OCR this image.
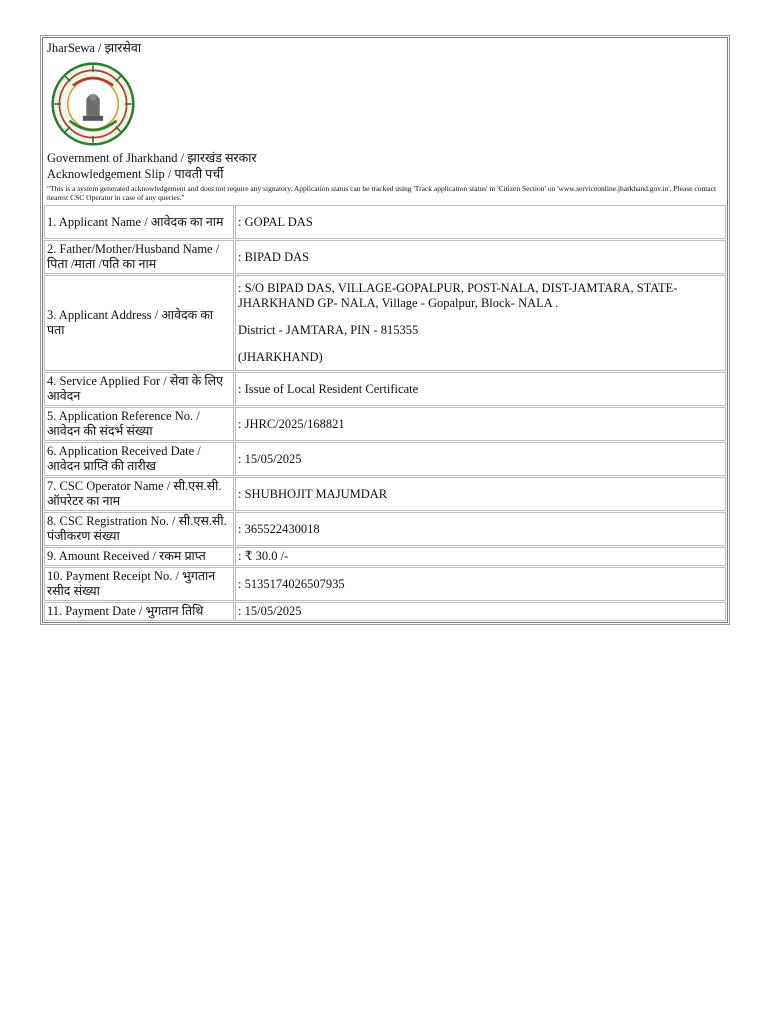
JharSewa / झारसेवा
Government of Jharkhand / झारखंड सरकार
Acknowledgement Slip / पावती पर्ची
"This is a system generated acknowledgement and does not require any signatory. Application status can be tracked using 'Track application status' in 'Citizen Section' on 'www.serviceonline.jharkhand.gov.in'. Please contact nearest CSC Operator in case of any queries."
1. Applicant Name / आवेदक का नाम	: GOPAL DAS
2. Father/Mother/Husband Name / पिता /माता /पति का नाम	: BIPAD DAS
3. Applicant Address / आवेदक का पता	: S/O BIPAD DAS, VILLAGE-GOPALPUR, POST-NALA, DIST-JAMTARA, STATE-JHARKHAND GP- NALA, Village - Gopalpur, Block- NALA .

District - JAMTARA, PIN - 815355

(JHARKHAND)

4. Service Applied For / सेवा के लिए आवेदन	: Issue of Local Resident Certificate
5. Application Reference No. / आवेदन की संदर्भ संख्या	: JHRC/2025/168821
6. Application Received Date / आवेदन प्राप्ति की तारीख	: 15/05/2025
7. CSC Operator Name / सी.एस.सी. ऑपरेटर का नाम	: SHUBHOJIT MAJUMDAR
8. CSC Registration No. / सी.एस.सी. पंजीकरण संख्या	: 365522430018
9. Amount Received / रकम प्राप्त	: ₹ 30.0 /-
10. Payment Receipt No. / भुगतान रसीद संख्या	: 5135174026507935
11. Payment Date / भुगतान तिथि	: 15/05/2025
